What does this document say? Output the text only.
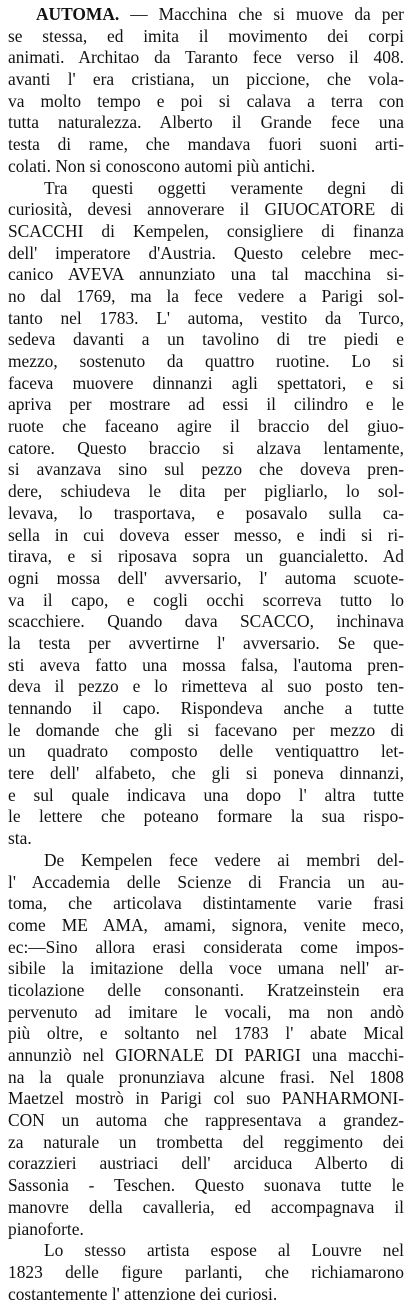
AUTOMA. — Macchina che si muove da per
se stessa, ed imita il movimento dei corpi
animati. Architao da Taranto fece verso il 408.
avanti l' era cristiana, un piccione, che vola-
va molto tempo e poi si calava a terra con
tutta naturalezza. Alberto il Grande fece una
testa di rame, che mandava fuori suoni arti-
colati. Non si conoscono automi più antichi.
Tra questi oggetti veramente degni di
curiosità, devesi annoverare il GIUOCATORE di
SCACCHI di Kempelen, consigliere di finanza
dell' imperatore d'Austria. Questo celebre mec-
canico AVEVA annunziato una tal macchina si-
no dal 1769, ma la fece vedere a Parigi sol-
tanto nel 1783. L' automa, vestito da Turco,
sedeva davanti a un tavolino di tre piedi e
mezzo, sostenuto da quattro ruotine. Lo si
faceva muovere dinnanzi agli spettatori, e si
apriva per mostrare ad essi il cilindro e le
ruote che faceano agire il braccio del giuo-
catore. Questo braccio si alzava lentamente,
si avanzava sino sul pezzo che doveva pren-
dere, schiudeva le dita per pigliarlo, lo sol-
levava, lo trasportava, e posavalo sulla ca-
sella in cui doveva esser messo, e indi si ri-
tirava, e si riposava sopra un guancialetto. Ad
ogni mossa dell' avversario, l' automa scuote-
va il capo, e cogli occhi scorreva tutto lo
scacchiere. Quando dava SCACCO, inchinava
la testa per avvertirne l' avversario. Se que-
sti aveva fatto una mossa falsa, l'automa pren-
deva il pezzo e lo rimetteva al suo posto ten-
tennando il capo. Rispondeva anche a tutte
le domande che gli si facevano per mezzo di
un quadrato composto delle ventiquattro let-
tere dell' alfabeto, che gli si poneva dinnanzi,
e sul quale indicava una dopo l' altra tutte
le lettere che poteano formare la sua rispo-
sta.
De Kempelen fece vedere ai membri del-
l' Accademia delle Scienze di Francia un au-
toma, che articolava distintamente varie frasi
come ME AMA, amami, signora, venite meco,
ec:—Sino allora erasi considerata come impos-
sibile la imitazione della voce umana nell' ar-
ticolazione delle consonanti. Kratzeinstein era
pervenuto ad imitare le vocali, ma non andò
più oltre, e soltanto nel 1783 l' abate Mical
annunziò nel GIORNALE DI PARIGI una macchi-
na la quale pronunziava alcune frasi. Nel 1808
Maetzel mostrò in Parigi col suo PANHARMONI-
CON un automa che rappresentava a grandez-
za naturale un trombetta del reggimento dei
corazzieri austriaci dell' arciduca Alberto di
Sassonia - Teschen. Questo suonava tutte le
manovre della cavalleria, ed accompagnava il
pianoforte.
Lo stesso artista espose al Louvre nel
1823 delle figure parlanti, che richiamarono
costantemente l' attenzione dei curiosi.
